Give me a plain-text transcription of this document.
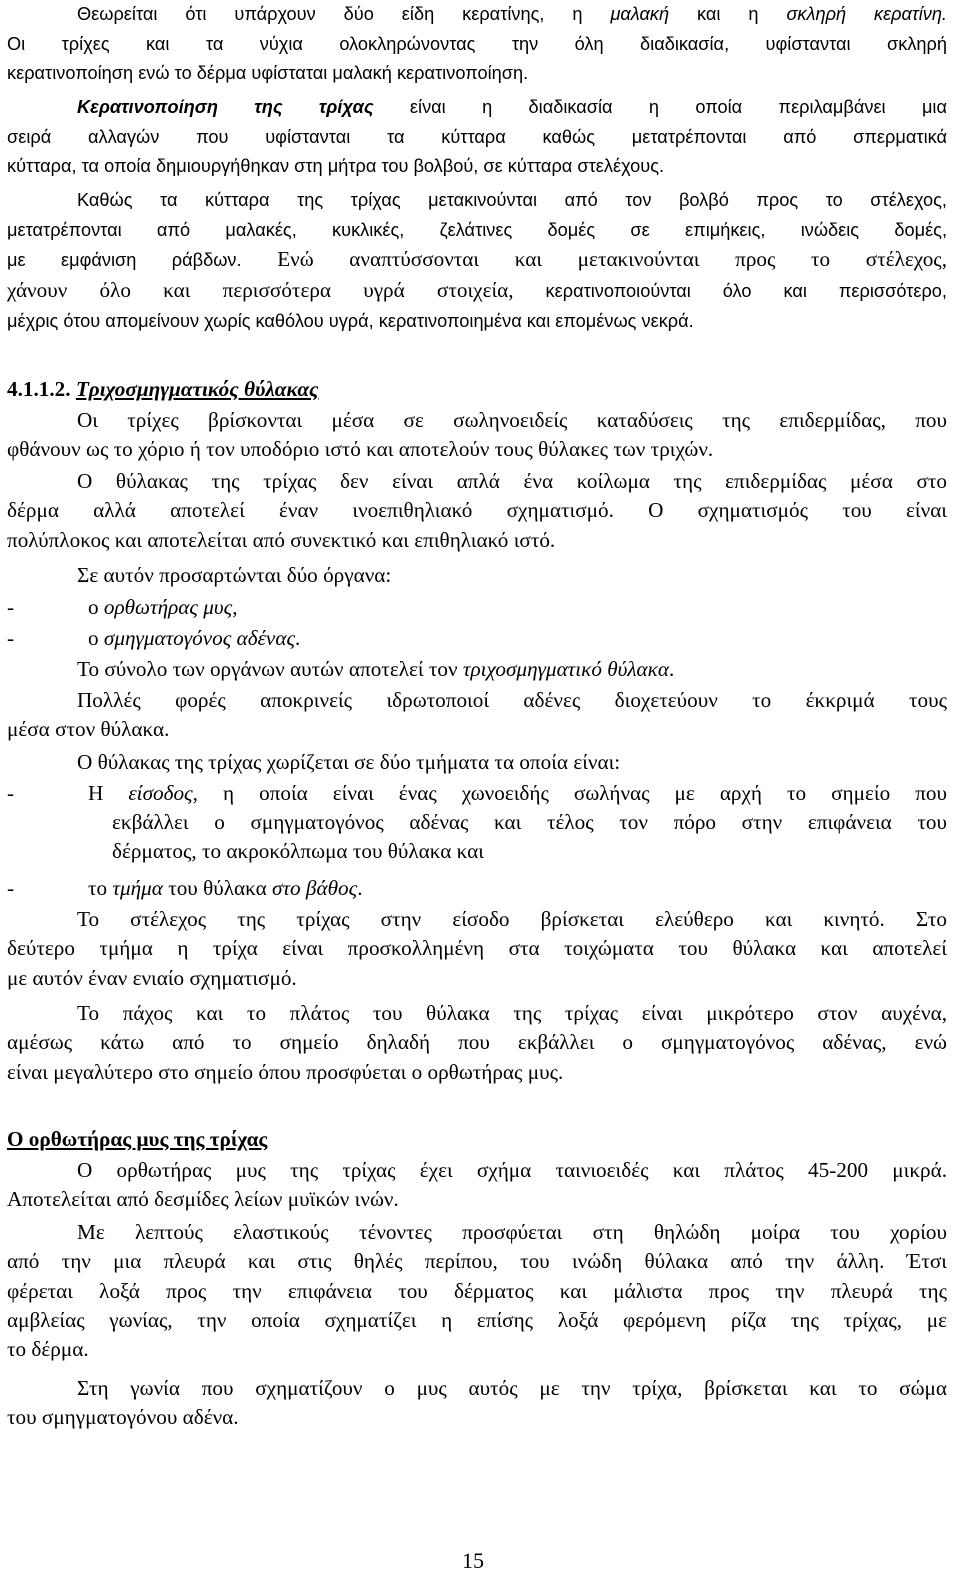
Θεωρείται ότι υπάρχουν δύο είδη κερατίνης, η μαλακή και η σκληρή κερατίνη.
Οι τρίχες και τα νύχια ολοκληρώνοντας την όλη διαδικασία, υφίστανται σκληρή
κερατινοποίηση ενώ το δέρμα υφίσταται μαλακή κερατινοποίηση.
Κερατινοποίηση της τρίχας είναι η διαδικασία η οποία περιλαμβάνει μια
σειρά αλλαγών που υφίστανται τα κύτταρα καθώς μετατρέπονται από σπερματικά
κύτταρα, τα οποία δημιουργήθηκαν στη μήτρα του βολβού, σε κύτταρα στελέχους.
Καθώς τα κύτταρα της τρίχας μετακινούνται από τον βολβό προς το στέλεχος,
μετατρέπονται από μαλακές, κυκλικές, ζελάτινες δομές σε επιμήκεις, ινώδεις δομές,
με εμφάνιση ράβδων. Ενώ αναπτύσσονται και μετακινούνται προς το στέλεχος,
χάνουν όλο και περισσότερα υγρά στοιχεία, κερατινοποιούνται όλο και περισσότερο,
μέχρις ότου απομείνουν χωρίς καθόλου υγρά, κερατινοποιημένα και επομένως νεκρά.
4.1.1.2. Τριχοσμηγματικός θύλακας
Οι τρίχες βρίσκονται μέσα σε σωληνοειδείς καταδύσεις της επιδερμίδας, που
φθάνουν ως το χόριο ή τον υποδόριο ιστό και αποτελούν τους θύλακες των τριχών.
Ο θύλακας της τρίχας δεν είναι απλά ένα κοίλωμα της επιδερμίδας μέσα στο
δέρμα αλλά αποτελεί έναν ινοεπιθηλιακό σχηματισμό. Ο σχηματισμός του είναι
πολύπλοκος και αποτελείται από συνεκτικό και επιθηλιακό ιστό.
Σε αυτόν προσαρτώνται δύο όργανα:
-	ο ορθωτήρας μυς,
-	ο σμηγματογόνος αδένας.
Το σύνολο των οργάνων αυτών αποτελεί τον τριχοσμηγματικό θύλακα.
Πολλές φορές αποκρινείς ιδρωτοποιοί αδένες διοχετεύουν το έκκριμά τους
μέσα στον θύλακα.
Ο θύλακας της τρίχας χωρίζεται σε δύο τμήματα τα οποία είναι:
-	Η είσοδος, η οποία είναι ένας χωνοειδής σωλήνας με αρχή το σημείο που
εκβάλλει ο σμηγματογόνος αδένας και τέλος τον πόρο στην επιφάνεια του
δέρματος, το ακροκόλπωμα του θύλακα και
-	το τμήμα του θύλακα στο βάθος.
Το στέλεχος της τρίχας στην είσοδο βρίσκεται ελεύθερο και κινητό. Στο
δεύτερο τμήμα η τρίχα είναι προσκολλημένη στα τοιχώματα του θύλακα και αποτελεί
με αυτόν έναν ενιαίο σχηματισμό.
Το πάχος και το πλάτος του θύλακα της τρίχας είναι μικρότερο στον αυχένα,
αμέσως κάτω από το σημείο δηλαδή που εκβάλλει ο σμηγματογόνος αδένας, ενώ
είναι μεγαλύτερο στο σημείο όπου προσφύεται ο ορθωτήρας μυς.
Ο ορθωτήρας μυς της τρίχας
Ο ορθωτήρας μυς της τρίχας έχει σχήμα ταινιοειδές και πλάτος 45-200 μικρά.
Αποτελείται από δεσμίδες λείων μυϊκών ινών.
Με λεπτούς ελαστικούς τένοντες προσφύεται στη θηλώδη μοίρα του χορίου
από την μια πλευρά και στις θηλές περίπου, του ινώδη θύλακα από την άλλη. Έτσι
φέρεται λοξά προς την επιφάνεια του δέρματος και μάλιστα προς την πλευρά της
αμβλείας γωνίας, την οποία σχηματίζει η επίσης λοξά φερόμενη ρίζα της τρίχας, με
το δέρμα.
Στη γωνία που σχηματίζουν ο μυς αυτός με την τρίχα, βρίσκεται και το σώμα
του σμηγματογόνου αδένα.
15
